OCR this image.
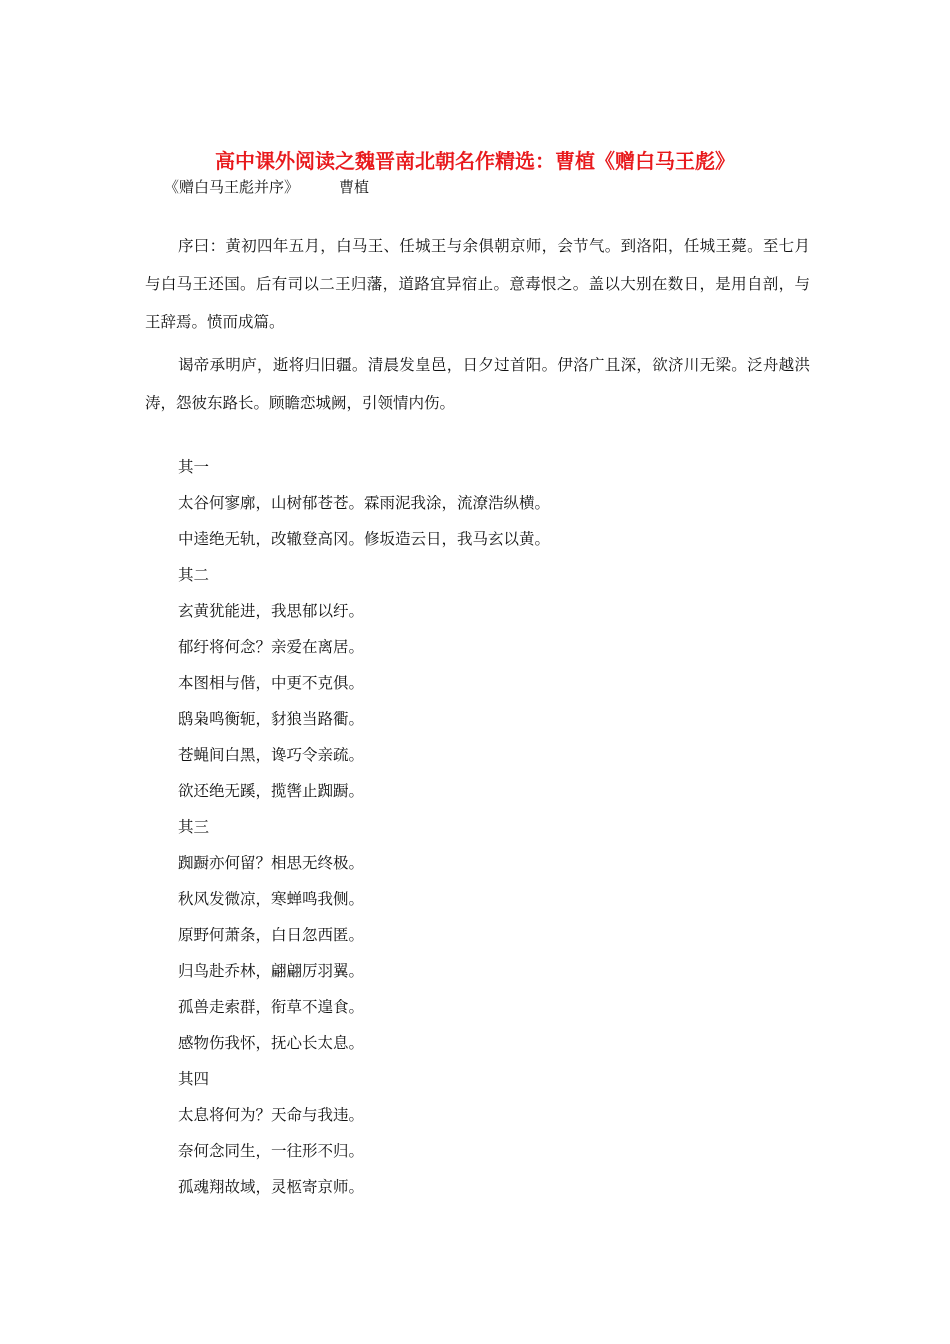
高中课外阅读之魏晋南北朝名作精选：曹植《赠白马王彪》
《赠白马王彪并序》	曹植

序曰：黄初四年五月，白马王、任城王与余俱朝京师，会节气。到洛阳，任城王薨。至七月与白马王还国。后有司以二王归藩，道路宜异宿止。意毒恨之。盖以大别在数日，是用自剖，与王辞焉。愤而成篇。

谒帝承明庐，逝将归旧疆。清晨发皇邑，日夕过首阳。伊洛广且深，欲济川无梁。泛舟越洪涛，怨彼东路长。顾瞻恋城阙，引领情内伤。

其一
太谷何寥廓，山树郁苍苍。霖雨泥我涂，流潦浩纵横。
中逵绝无轨，改辙登高冈。修坂造云日，我马玄以黄。
其二
玄黄犹能进，我思郁以纡。
郁纡将何念？亲爱在离居。
本图相与偕，中更不克俱。
鸱枭鸣衡轭，豺狼当路衢。
苍蝇间白黑，谗巧令亲疏。
欲还绝无蹊，揽辔止踟蹰。
其三
踟蹰亦何留？相思无终极。
秋风发微凉，寒蝉鸣我侧。
原野何萧条，白日忽西匿。
归鸟赴乔林，翩翩厉羽翼。
孤兽走索群，衔草不遑食。
感物伤我怀，抚心长太息。
其四
太息将何为？天命与我违。
奈何念同生，一往形不归。
孤魂翔故域，灵柩寄京师。
